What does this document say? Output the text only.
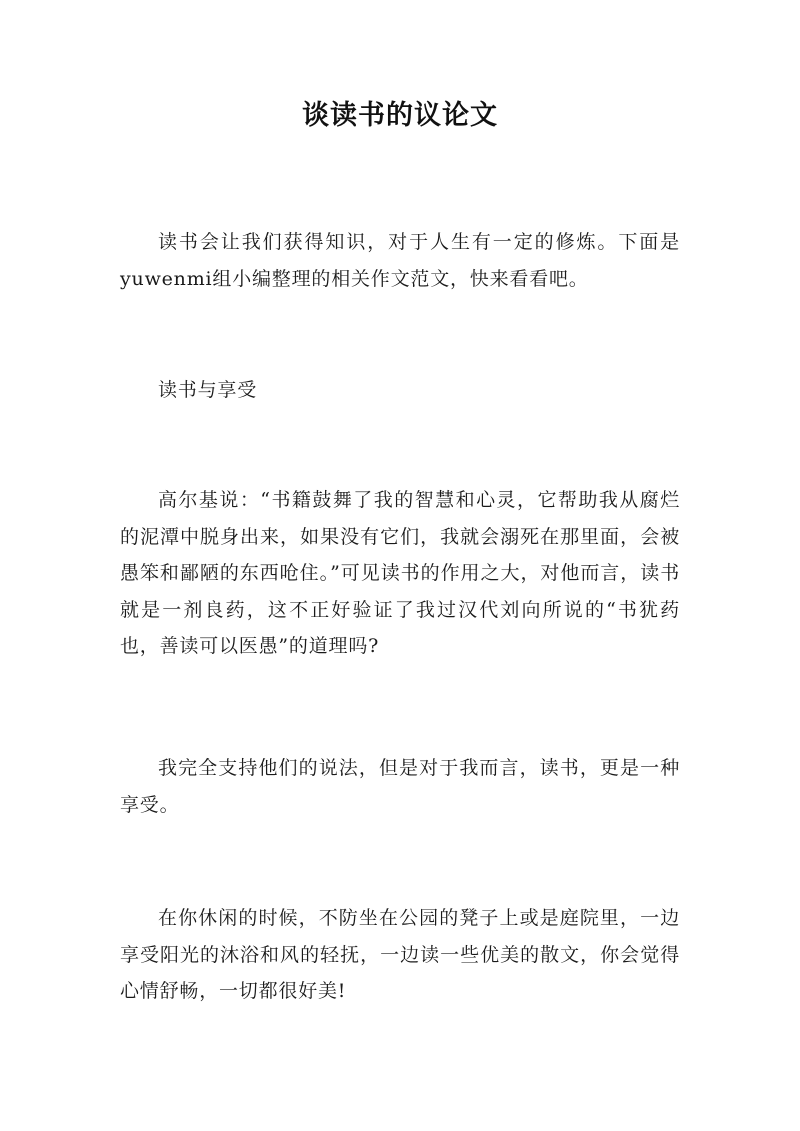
谈读书的议论文

读书会让我们获得知识，对于人生有一定的修炼。下面是yuwenmi组小编整理的相关作文范文，快来看看吧。

读书与享受

高尔基说：“书籍鼓舞了我的智慧和心灵，它帮助我从腐烂的泥潭中脱身出来，如果没有它们，我就会溺死在那里面，会被愚笨和鄙陋的东西呛住。”可见读书的作用之大，对他而言，读书就是一剂良药，这不正好验证了我过汉代刘向所说的“书犹药也，善读可以医愚”的道理吗?

我完全支持他们的说法，但是对于我而言，读书，更是一种享受。

在你休闲的时候，不防坐在公园的凳子上或是庭院里，一边享受阳光的沐浴和风的轻抚，一边读一些优美的散文，你会觉得心情舒畅，一切都很好美!
